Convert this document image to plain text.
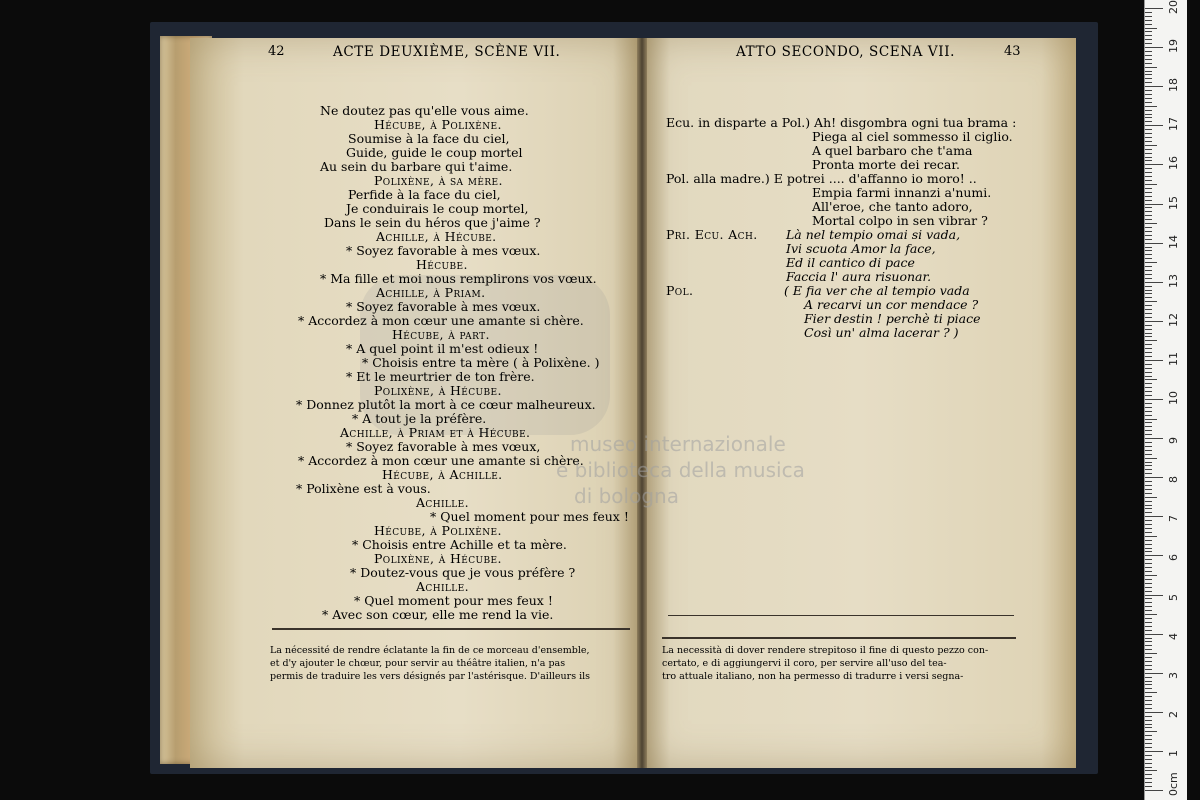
42	ACTE DEUXIÈME, SCÈNE VII.	43
ATTO SECONDO, SCENA VII.
Ne doutez pas qu'elle vous aime.
Hécube, à Polixène.
Soumise à la face du ciel,
Guide, guide le coup mortel
Au sein du barbare qui t'aime.
Polixène, à sa mère.
Perfide à la face du ciel,
Je conduirais le coup mortel,
Dans le sein du héros que j'aime ?
Achille, à Hécube.
* Soyez favorable à mes vœux.
Hécube.
* Ma fille et moi nous remplirons vos vœux.
Achille, à Priam.
* Soyez favorable à mes vœux.
* Accordez à mon cœur une amante si chère.
Hécube, à part.
* A quel point il m'est odieux !
* Choisis entre ta mère ( à Polixène. )
* Et le meurtrier de ton frère.
Polixène, à Hécube.
* Donnez plutôt la mort à ce cœur malheureux.
* A tout je la préfère.
Achille, à Priam et à Hécube.
* Soyez favorable à mes vœux,
* Accordez à mon cœur une amante si chère.
Hécube, à Achille.
* Polixène est à vous.
Achille.
* Quel moment pour mes feux !
Hécube, à Polixène.
* Choisis entre Achille et ta mère.
Polixène, à Hécube.
* Doutez-vous que je vous préfère ?
Achille.
* Quel moment pour mes feux !
* Avec son cœur, elle me rend la vie.
Ecu. in disparte a Pol.) Ah! disgombra ogni tua brama :
Piega al ciel sommesso il ciglio.
A quel barbaro che t'ama
Pronta morte dei recar.
Pol. alla madre.) E potrei .... d'affanno io moro! ..
Empia farmi innanzi a'numi.
All'eroe, che tanto adoro,
Mortal colpo in sen vibrar ?
Pri. Ecu. Ach. Là nel tempio omai si vada,
Ivi scuota Amor la face,
Ed il cantico di pace
Faccia l' aura risuonar.
Pol.	( E fia ver che al tempio vada
A recarvi un cor mendace ?
Fier destin ! perchè ti piace
Così un' alma lacerar ? )
La nécessité de rendre éclatante la fin de ce morceau d'ensemble,
et d'y ajouter le chœur, pour servir au théâtre italien, n'a pas
permis de traduire les vers désignés par l'astérisque. D'ailleurs ils
La necessità di dover rendere strepitoso il fine di questo pezzo con-
certato, e di aggiungervi il coro, per servire all'uso del tea-
tro attuale italiano, non ha permesso di tradurre i versi segna-
museo internazionale
e biblioteca della musica
di bologna
0cm
1
2
3
4
5
6
7
8
9
10
11
12
13
14
15
16
17
18
19
20
